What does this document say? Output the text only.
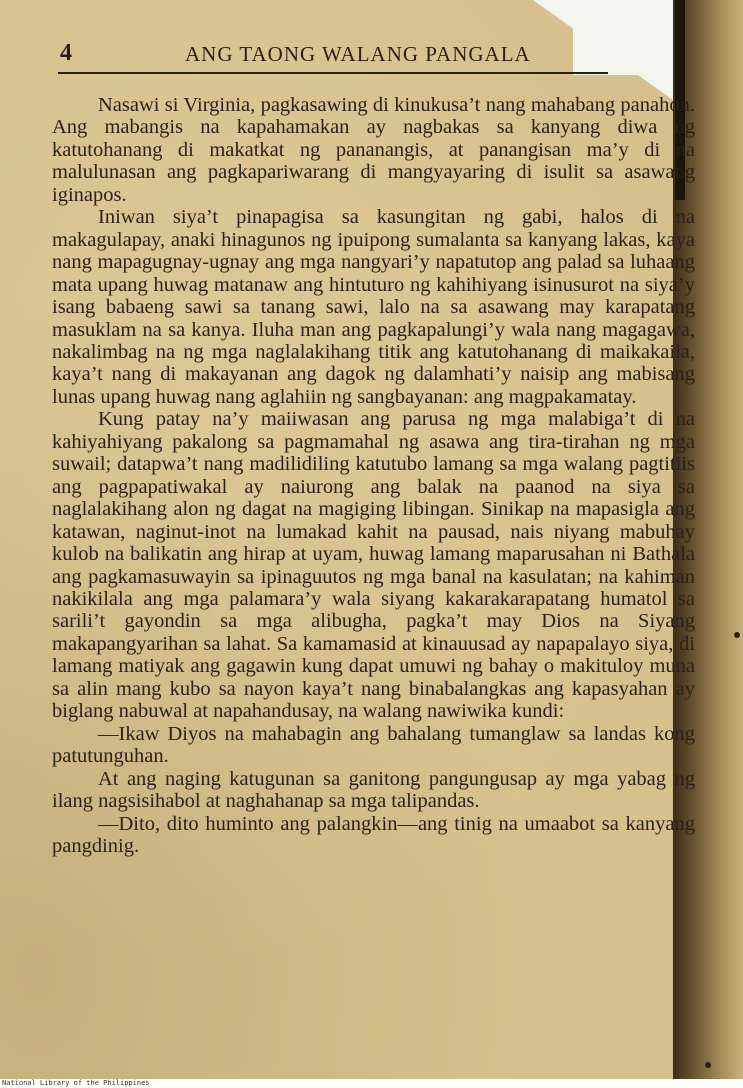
4	ANG TAONG WALANG PANGALA

Nasawi si Virginia, pagkasawing di kinukusa’t nang mahabang panahon. Ang mabangis na kapahamakan ay nagbakas sa kanyang diwa ng katutohanang di makatkat ng pananangis, at panangisan ma’y di na malulunasan ang pagkapariwarang di mangyayaring di isulit sa asawang iginapos.

Iniwan siya’t pinapagisa sa kasungitan ng gabi, halos di na makagulapay, anaki hinagunos ng ipuipong sumalanta sa kanyang lakas, kaya nang mapagugnay-ugnay ang mga nangyari’y napatutop ang palad sa luhaang mata upang huwag matanaw ang hintuturo ng kahihiyang isinusurot na siya’y isang babaeng sawi sa tanang sawi, lalo na sa asawang may karapatang masuklam na sa kanya. Iluha man ang pagkapalungi’y wala nang magagawa, nakalimbag na ng mga naglalakihang titik ang katutohanang di maikakaila, kaya’t nang di makayanan ang dagok ng dalamhati’y naisip ang mabisang lunas upang huwag nang aglahiin ng sangbayanan: ang magpakamatay.

Kung patay na’y maiiwasan ang parusa ng mga malabiga’t di na kahiyahiyang pakalong sa pagmamahal ng asawa ang tira-tirahan ng mga suwail; datapwa’t nang madilidiling katutubo lamang sa mga walang pagtitiis ang pagpapatiwakal ay naiurong ang balak na paanod na siya sa naglalakihang alon ng dagat na magiging libingan. Sinikap na mapasigla ang katawan, naginut-inot na lumakad kahit na pausad, nais niyang mabuhay kulob na balikatin ang hirap at uyam, huwag lamang maparusahan ni Bathala ang pagkamasuwayin sa ipinaguutos ng mga banal na kasulatan; na kahiman nakikilala ang mga palamara’y wala siyang kakarakarapatang humatol sa sarili’t gayondin sa mga alibugha, pagka’t may Dios na Siyang makapangyarihan sa lahat. Sa kamamasid at kinauusad ay napapalayo siya, di lamang matiyak ang gagawin kung dapat umuwi ng bahay o makituloy muna sa alin mang kubo sa nayon kaya’t nang binabalangkas ang kapasyahan ay biglang nabuwal at napahandusay, na walang nawiwika kundi:

—Ikaw Diyos na mahabagin ang bahalang tumanglaw sa landas kong patutunguhan.

At ang naging katugunan sa ganitong pangungusap ay mga yabag ng ilang nagsisihabol at naghahanap sa mga talipandas.

—Dito, dito huminto ang palangkin—ang tinig na umaabot sa kanyang pangdinig.

National Library of the Philippines
